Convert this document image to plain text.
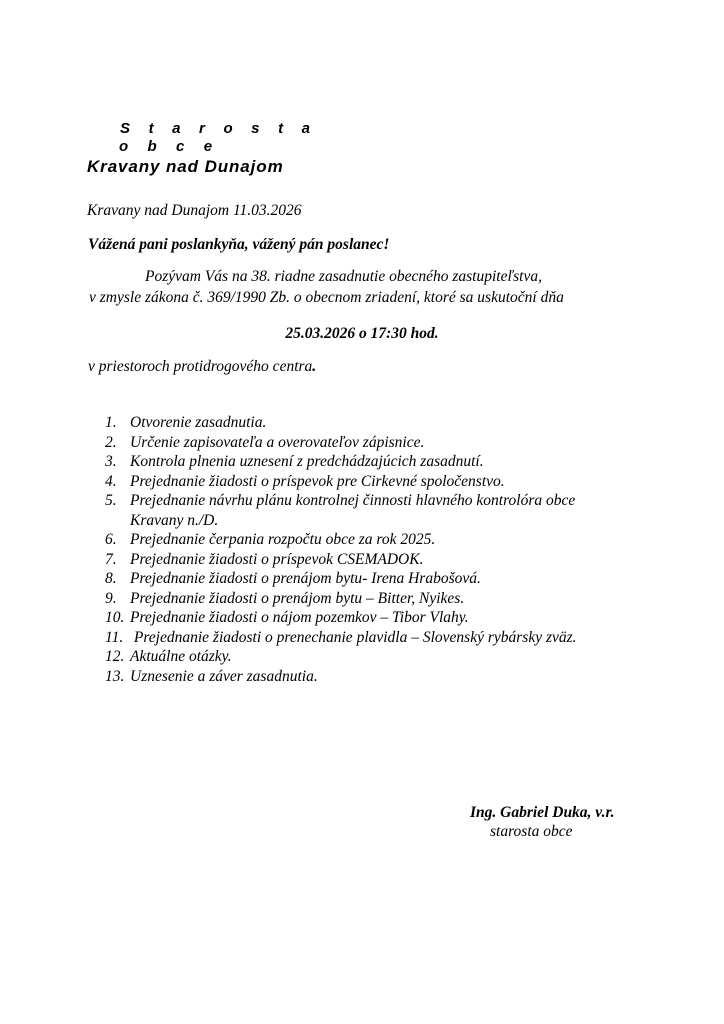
S t a r o s t a

o b c e

Kravany nad Dunajom

Kravany nad Dunajom 11.03.2026

Vážená pani poslankyňa, vážený pán poslanec!

Pozývam Vás na 38. riadne zasadnutie obecného zastupiteľstva,

v zmysle zákona č. 369/1990 Zb. o obecnom zriadení, ktoré sa uskutoční dňa

25.03.2026 o 17:30 hod.

v priestoroch protidrogového centra.

1. Otvorenie zasadnutia.
2. Určenie zapisovateľa a overovateľov zápisnice.
3. Kontrola plnenia uznesení z predchádzajúcich zasadnutí.
4. Prejednanie žiadosti o príspevok pre Cirkevné spoločenstvo.
5. Prejednanie návrhu plánu kontrolnej činnosti hlavného kontrolóra obce
Kravany n./D.
6. Prejednanie čerpania rozpočtu obce za rok 2025.
7. Prejednanie žiadosti o príspevok CSEMADOK.
8. Prejednanie žiadosti o prenájom bytu- Irena Hrabošová.
9. Prejednanie žiadosti o prenájom bytu – Bitter, Nyikes.
10. Prejednanie žiadosti o nájom pozemkov – Tibor Vlahy.
11. Prejednanie žiadosti o prenechanie plavidla – Slovenský rybársky zväz.
12. Aktuálne otázky.
13. Uznesenie a záver zasadnutia.
Ing. Gabriel Duka, v.r.
starosta obce
